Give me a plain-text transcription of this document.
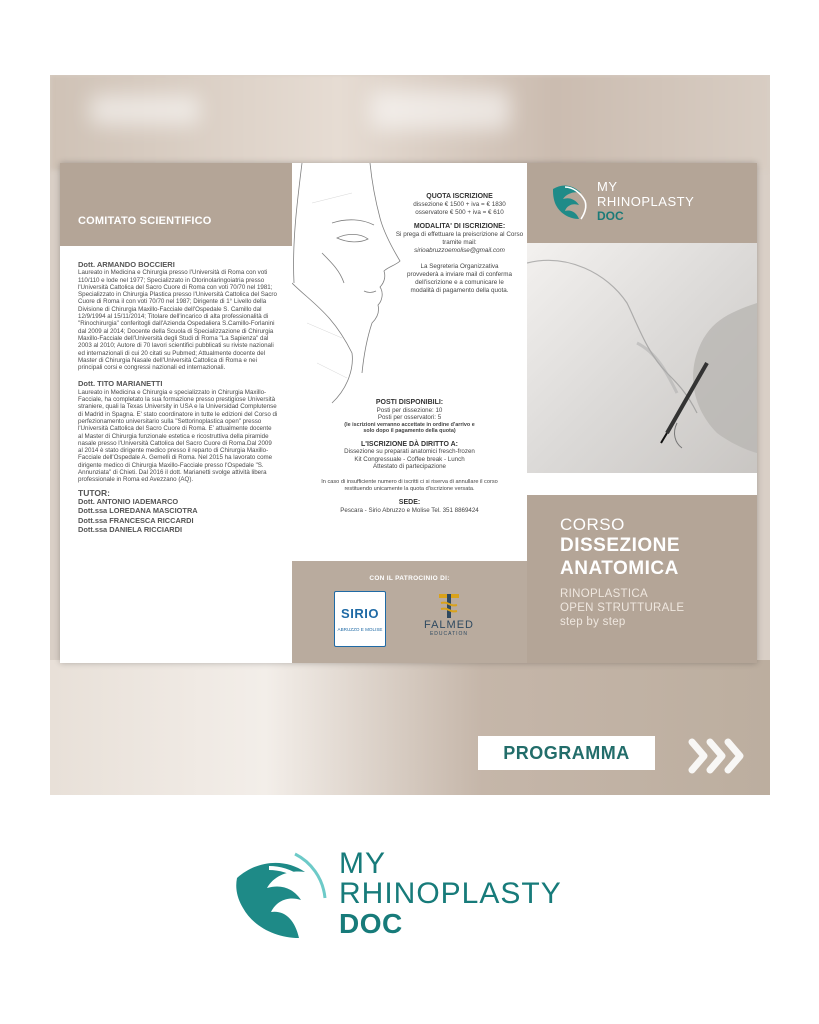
COMITATO SCIENTIFICO
Dott. ARMANDO BOCCIERI
Laureato in Medicina e Chirurgia presso l'Università di Roma con voti 110/110 e lode nel 1977; Specializzato in Otorinolaringoiatria presso l'Università Cattolica del Sacro Cuore di Roma con voti 70/70 nel 1981; Specializzato in Chirurgia Plastica presso l'Università Cattolica del Sacro Cuore di Roma il con voti 70/70 nel 1987; Dirigente di 1° Livello della Divisione di Chirurgia Maxillo-Facciale dell'Ospedale S. Camillo dal 12/9/1994 al 15/11/2014; Titolare dell'incarico di alta professionalità di "Rinochirurgia" conferitogli dall'Azienda Ospedaliera S.Camillo-Forlanini dal 2009 al 2014; Docente della Scuola di Specializzazione di Chirurgia Maxillo-Facciale dell'Università degli Studi di Roma "La Sapienza" dal 2003 al 2010; Autore di 70 lavori scientifici pubblicati su riviste nazionali ed internazionali di cui 20 citati su Pubmed; Attualmente docente del Master di Chirurgia Nasale dell'Università Cattolica di Roma e nei principali corsi e congressi nazionali ed internazionali.
Dott. TITO MARIANETTI
Laureato in Medicina e Chirurgia e specializzato in Chirurgia Maxillo-Facciale, ha completato la sua formazione presso prestigiose Università straniere, quali la Texas University in USA e la Universidad Complutense di Madrid in Spagna. E' stato coordinatore in tutte le edizioni del Corso di perfezionamento universitario sulla "Settorinoplastica open" presso l'Università Cattolica del Sacro Cuore di Roma. E' attualmente docente al Master di Chirurgia funzionale estetica e ricostruttiva della piramide nasale presso l'Università Cattolica del Sacro Cuore di Roma.Dal 2009 al 2014 è stato dirigente medico presso il reparto di Chirurgia Maxillo-Facciale dell'Ospedale A. Gemelli di Roma. Nel 2015 ha lavorato come dirigente medico di Chirurgia Maxillo-Facciale presso l'Ospedale "S. Annunziata" di Chieti. Dal 2016 il dott. Marianetti svolge attività libera professionale in Roma ed Avezzano (AQ).
TUTOR:
Dott. ANTONIO IADEMARCO
Dott.ssa LOREDANA MASCIOTRA
Dott.ssa FRANCESCA RICCARDI
Dott.ssa DANIELA RICCIARDI
QUOTA ISCRIZIONE
dissezione € 1500 + iva = € 1830
osservatore € 500 + iva = € 610
MODALITA' DI ISCRIZIONE:
Si prega di effettuare la preiscrizione al Corso tramite mail:
sirioabruzzoemolise@gmail.com
La Segreteria Organizzativa provvederà a inviare mail di conferma dell'iscrizione e a comunicare le modalità di pagamento della quota.
POSTI DISPONIBILI:
Posti per dissezione: 10
Posti per osservatori: 5
(le iscrizioni verranno accettate in ordine d'arrivo e solo dopo il pagamento della quota)
L'ISCRIZIONE DÀ DIRITTO A:
Dissezione su preparati anatomici fresch-frozen
Kit Congressuale - Coffee break - Lunch
Attestato di partecipazione
In caso di insufficiente numero di iscritti ci si riserva di annullare il corso restituendo unicamente la quota d'iscrizione versata.
SEDE:
Pescara - Sirio Abruzzo e Molise Tel. 351 8869424
CON IL PATROCINIO DI:
SIRIO
ABRUZZO E MOLISE	FALMED
EDUCATION
MY
RHINOPLASTY
DOC
CORSO
DISSEZIONE
ANATOMICA
RINOPLASTICA
OPEN STRUTTURALE
step by step
PROGRAMMA
MY
RHINOPLASTY
DOC
